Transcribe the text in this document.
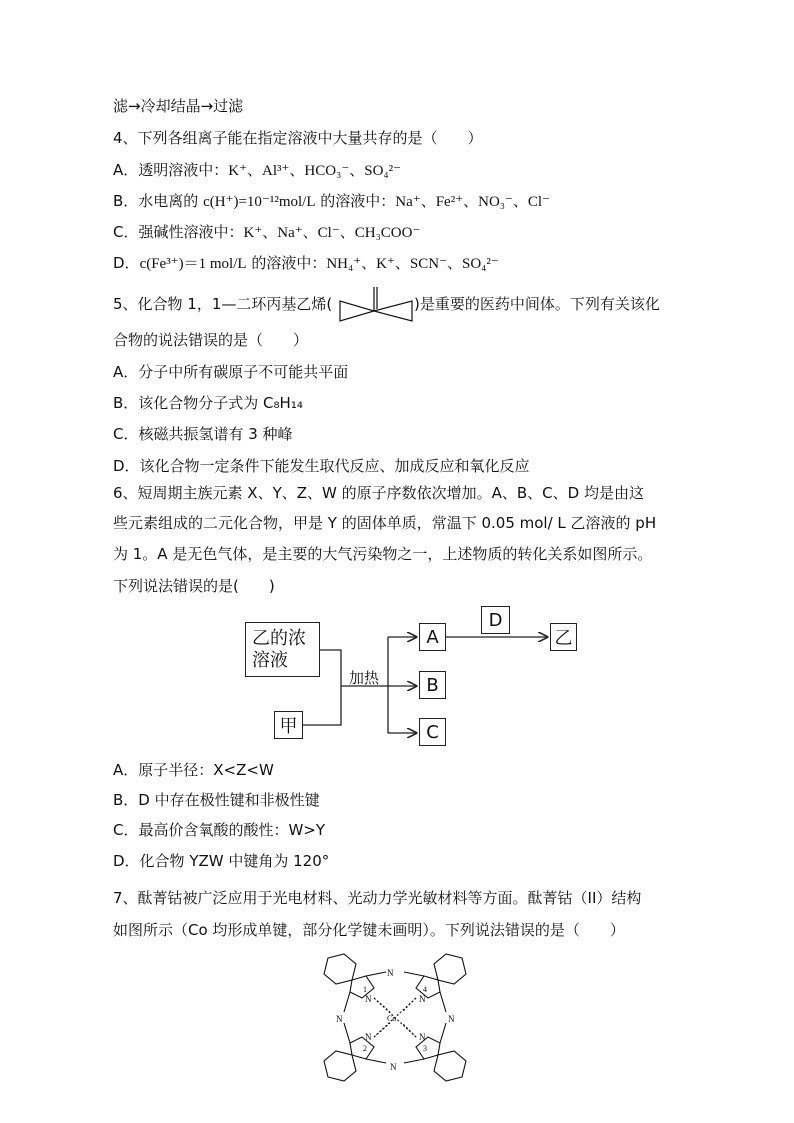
滤→冷却结晶→过滤
4、下列各组离子能在指定溶液中大量共存的是（　　）
A．透明溶液中：K⁺、Al³⁺、HCO₃⁻、SO₄²⁻
B．水电离的 c(H⁺)=10⁻¹²mol/L 的溶液中：Na⁺、Fe²⁺、NO₃⁻、Cl⁻
C．强碱性溶液中：K⁺、Na⁺、Cl⁻、CH₃COO⁻
D．c(Fe³⁺)＝1 mol/L 的溶液中：NH₄⁺、K⁺、SCN⁻、SO₄²⁻
5、化合物 1，1—二环丙基乙烯(	)是重要的医药中间体。下列有关该化
合物的说法错误的是（　　）
A．分子中所有碳原子不可能共平面
B．该化合物分子式为 C₈H₁₄
C．核磁共振氢谱有 3 种峰
D．该化合物一定条件下能发生取代反应、加成反应和氧化反应
6、短周期主族元素 X、Y、Z、W 的原子序数依次增加。A、B、C、D 均是由这
些元素组成的二元化合物，甲是 Y 的固体单质，常温下 0.05 mol/ L 乙溶液的 pH
为 1。A 是无色气体，是主要的大气污染物之一，上述物质的转化关系如图所示。
下列说法错误的是(　　)
乙的浓
溶液
甲
A
B
C
D
乙
加热
A．原子半径：X<Z<W
B．D 中存在极性键和非极性键
C．最高价含氧酸的酸性：W>Y
D．化合物 YZW 中键角为 120°
7、酞菁钴被广泛应用于光电材料、光动力学光敏材料等方面。酞菁钴（II）结构
如图所示（Co 均形成单键，部分化学键未画明）。下列说法错误的是（　　）
N
N	N
N
N	N
N	N
Co
1
2	3
4
